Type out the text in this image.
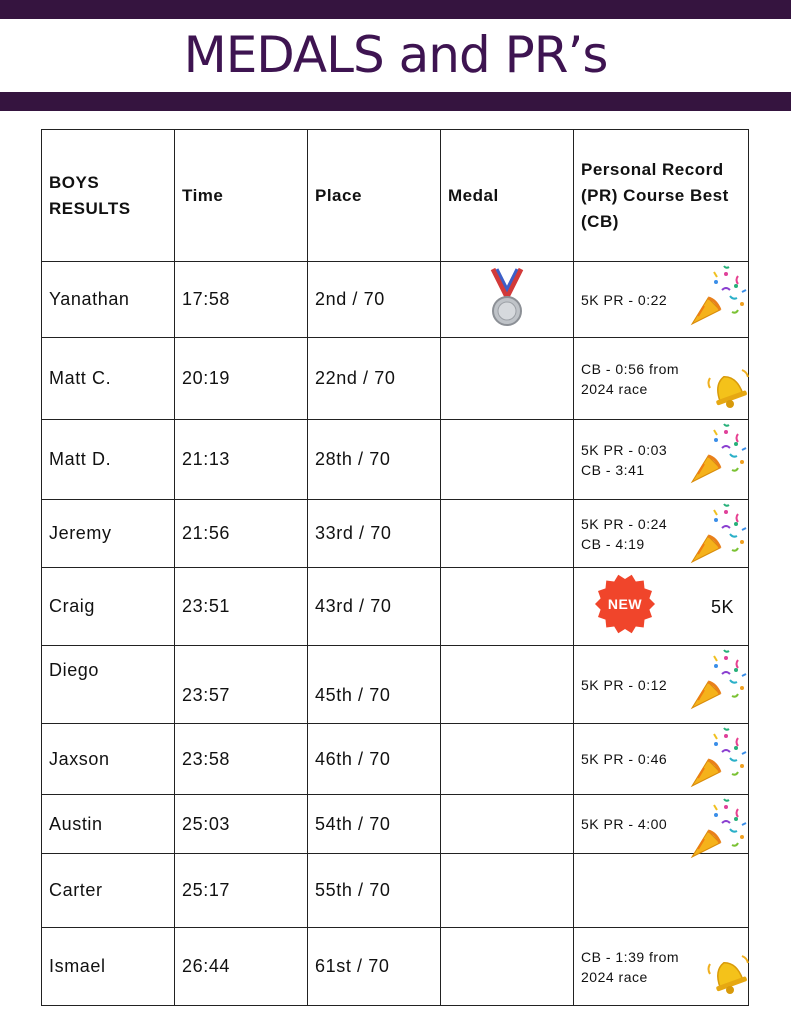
MEDALS and PR’s
BOYS RESULTS	Time	Place	Medal	Personal Record (PR) Course Best (CB)

Yanathan	17:58	2nd / 70		5K PR - 0:22

Matt C.	20:19	22nd / 70		CB - 0:56 from
2024 race

Matt D.	21:13	28th / 70		5K PR - 0:03
CB - 3:41

Jeremy	21:56	33rd / 70		5K PR - 0:24
CB - 4:19

Craig	23:51	43rd / 70		NEW 5K

Diego	23:57	45th / 70		5K PR - 0:12

Jaxson	23:58	46th / 70		5K PR - 0:46

Austin	25:03	54th / 70		5K PR - 4:00

Carter	25:17	55th / 70		

Ismael	26:44	61st / 70		CB - 1:39 from
2024 race
